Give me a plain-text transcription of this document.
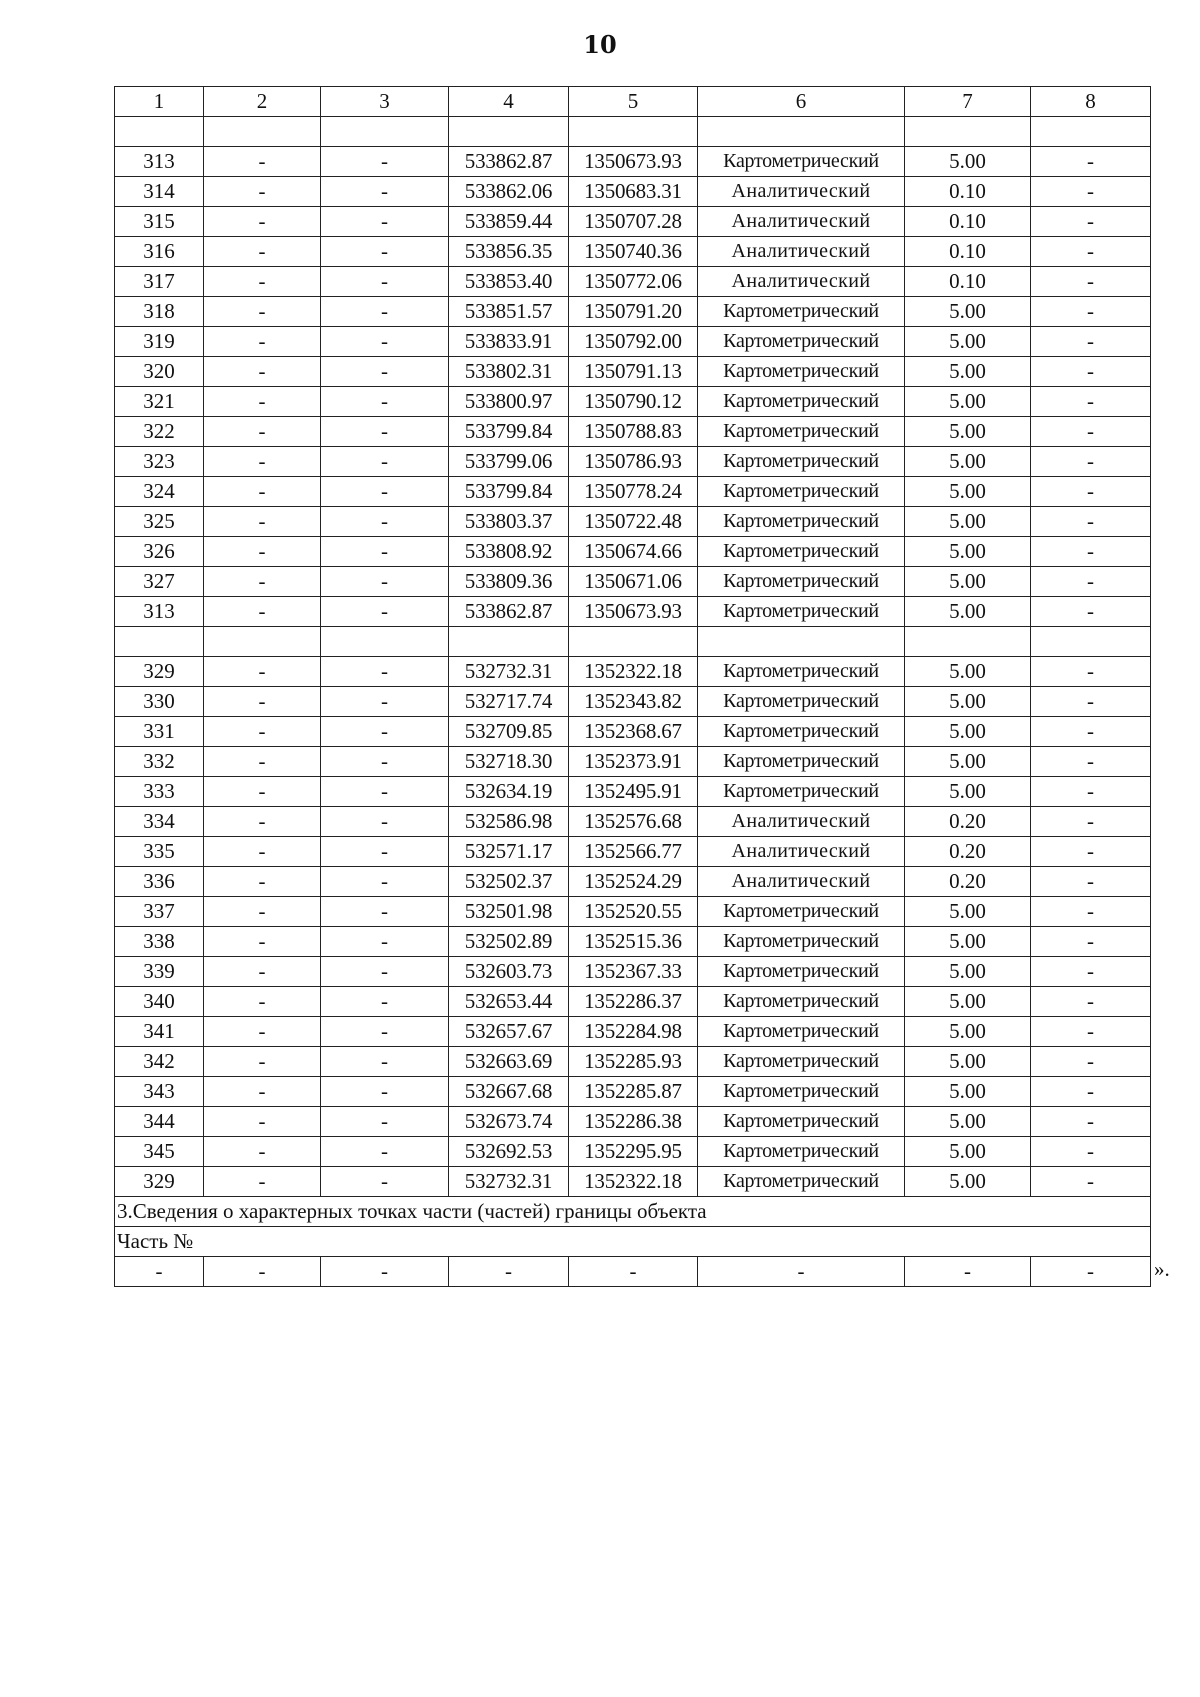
10
1	2	3	4	5	6	7	8

313	-	-	533862.87	1350673.93	Картометрический	5.00	-
314	-	-	533862.06	1350683.31	Аналитический	0.10	-
315	-	-	533859.44	1350707.28	Аналитический	0.10	-
316	-	-	533856.35	1350740.36	Аналитический	0.10	-
317	-	-	533853.40	1350772.06	Аналитический	0.10	-
318	-	-	533851.57	1350791.20	Картометрический	5.00	-
319	-	-	533833.91	1350792.00	Картометрический	5.00	-
320	-	-	533802.31	1350791.13	Картометрический	5.00	-
321	-	-	533800.97	1350790.12	Картометрический	5.00	-
322	-	-	533799.84	1350788.83	Картометрический	5.00	-
323	-	-	533799.06	1350786.93	Картометрический	5.00	-
324	-	-	533799.84	1350778.24	Картометрический	5.00	-
325	-	-	533803.37	1350722.48	Картометрический	5.00	-
326	-	-	533808.92	1350674.66	Картометрический	5.00	-
327	-	-	533809.36	1350671.06	Картометрический	5.00	-
313	-	-	533862.87	1350673.93	Картометрический	5.00	-

329	-	-	532732.31	1352322.18	Картометрический	5.00	-
330	-	-	532717.74	1352343.82	Картометрический	5.00	-
331	-	-	532709.85	1352368.67	Картометрический	5.00	-
332	-	-	532718.30	1352373.91	Картометрический	5.00	-
333	-	-	532634.19	1352495.91	Картометрический	5.00	-
334	-	-	532586.98	1352576.68	Аналитический	0.20	-
335	-	-	532571.17	1352566.77	Аналитический	0.20	-
336	-	-	532502.37	1352524.29	Аналитический	0.20	-
337	-	-	532501.98	1352520.55	Картометрический	5.00	-
338	-	-	532502.89	1352515.36	Картометрический	5.00	-
339	-	-	532603.73	1352367.33	Картометрический	5.00	-
340	-	-	532653.44	1352286.37	Картометрический	5.00	-
341	-	-	532657.67	1352284.98	Картометрический	5.00	-
342	-	-	532663.69	1352285.93	Картометрический	5.00	-
343	-	-	532667.68	1352285.87	Картометрический	5.00	-
344	-	-	532673.74	1352286.38	Картометрический	5.00	-
345	-	-	532692.53	1352295.95	Картометрический	5.00	-
329	-	-	532732.31	1352322.18	Картометрический	5.00	-
3.Сведения о характерных точках части (частей) границы объекта							
Часть №							
-	-	-	-	-	-	-	-	».
